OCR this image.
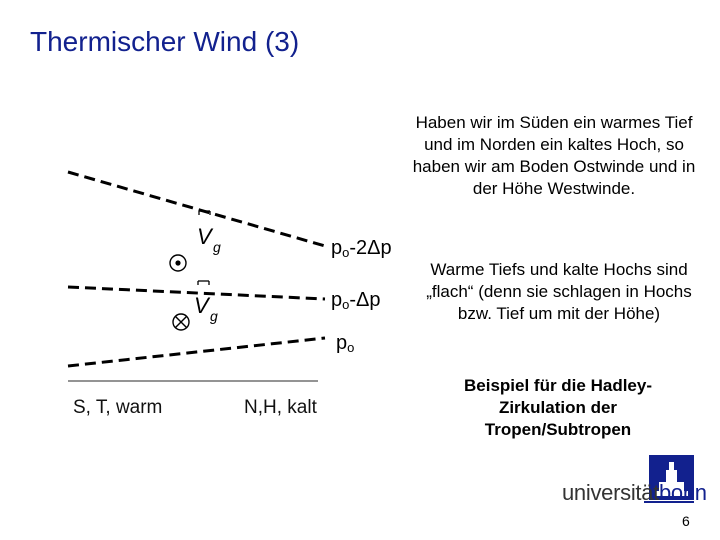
Thermischer Wind (3)
V g
V g
$p_o-2\Delta p$
$p_o-\Delta p$
$p_o$
S, T, warm	N,H, kalt
Haben wir im Süden ein warmes Tief und im Norden ein kaltes Hoch, so haben wir am Boden Ostwinde und in der Höhe Westwinde.
Warme Tiefs und kalte Hochs sind „flach“ (denn sie schlagen in Hochs bzw. Tief um mit der Höhe)
Beispiel für die Hadley-Zirkulation der Tropen/Subtropen
universitätbonn
6
